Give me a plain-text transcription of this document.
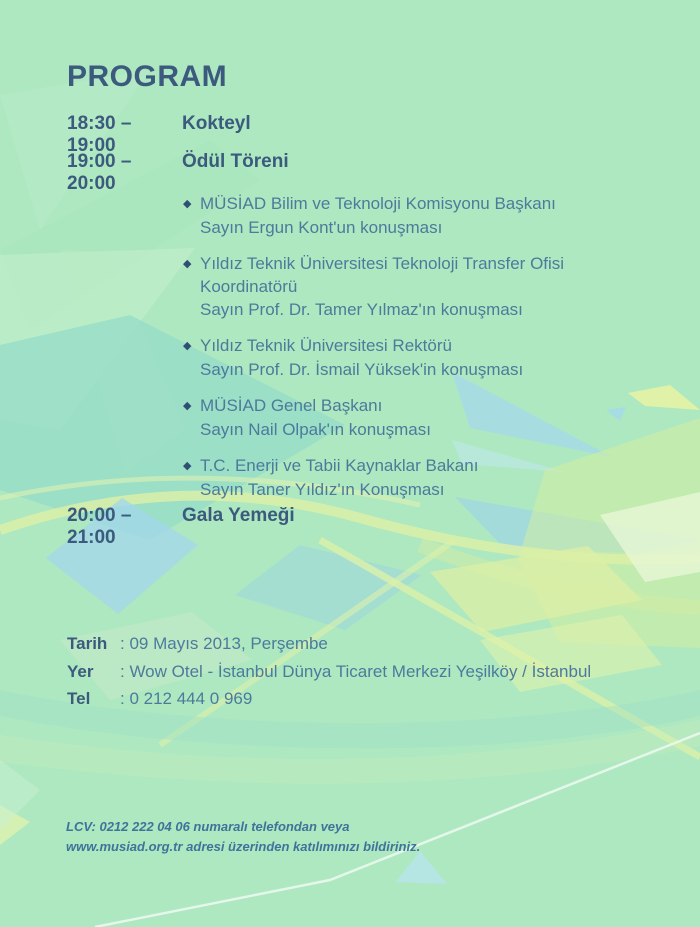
PROGRAM
18:30 – 19:00
Kokteyl
19:00 – 20:00
Ödül Töreni
◆ MÜSİAD Bilim ve Teknoloji Komisyonu Başkanı
Sayın Ergun Kont'un konuşması
◆ Yıldız Teknik Üniversitesi Teknoloji Transfer Ofisi Koordinatörü
Sayın Prof. Dr. Tamer Yılmaz'ın konuşması
◆ Yıldız Teknik Üniversitesi Rektörü
Sayın Prof. Dr. İsmail Yüksek'in konuşması
◆ MÜSİAD Genel Başkanı
Sayın Nail Olpak'ın konuşması
◆ T.C. Enerji ve Tabii Kaynaklar Bakanı
Sayın Taner Yıldız'ın Konuşması
20:00 – 21:00
Gala Yemeği
Tarih : 09 Mayıs 2013, Perşembe
Yer	: Wow Otel - İstanbul Dünya Ticaret Merkezi Yeşilköy / İstanbul
Tel	: 0 212 444 0 969
LCV: 0212 222 04 06 numaralı telefondan veya
www.musiad.org.tr adresi üzerinden katılımınızı bildiriniz.
